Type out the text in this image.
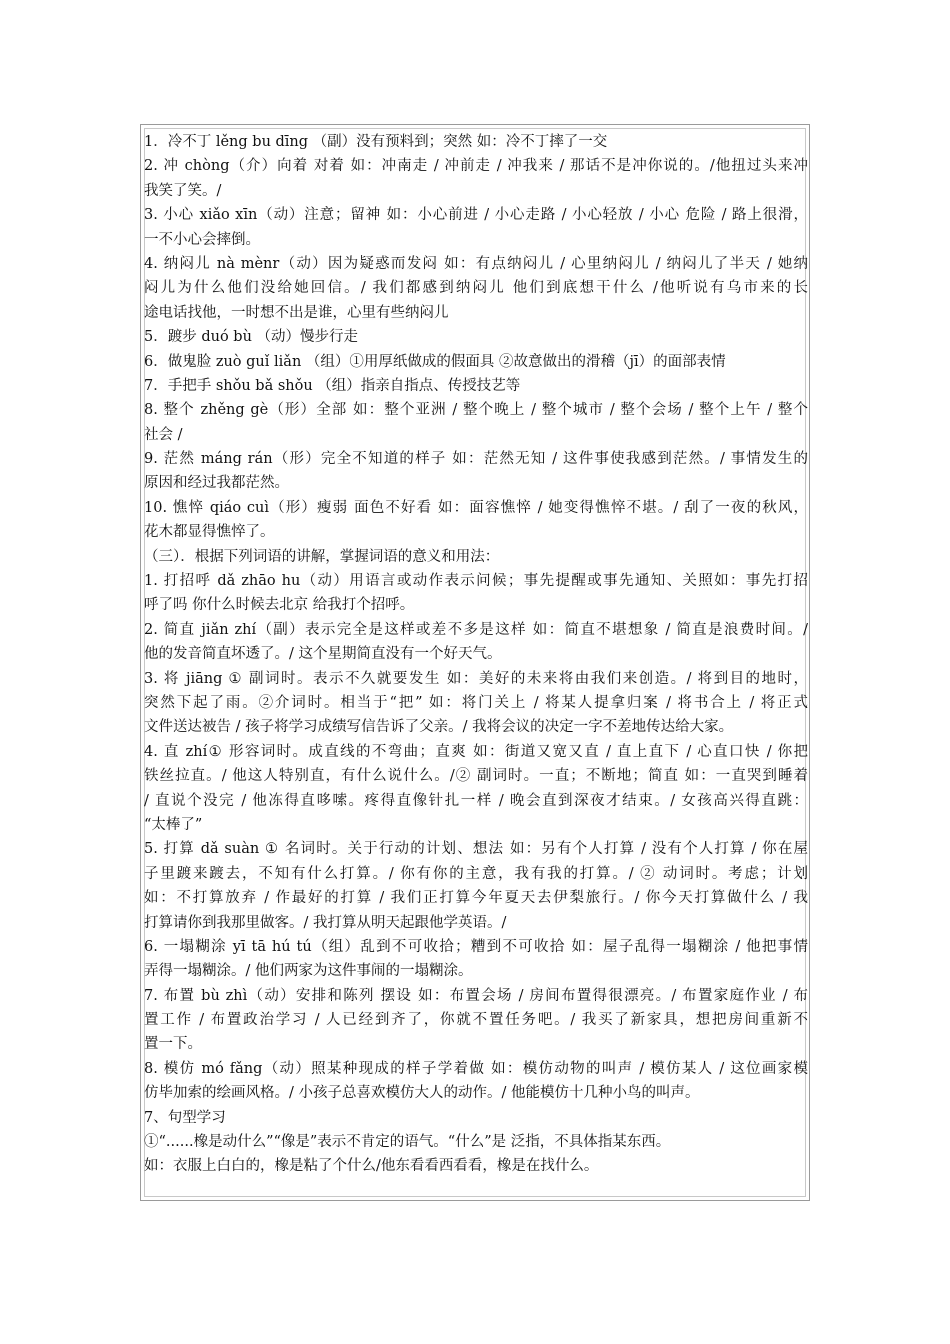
1．冷不丁 lěng bu dīng （副）没有预料到；突然 如：冷不丁摔了一交
2. 冲 chòng（介）向着 对着 如：冲南走 / 冲前走 / 冲我来 / 那话不是冲你说的。/他扭过头来冲
我笑了笑。/
3. 小心 xiǎo xīn（动）注意；留神 如：小心前进 / 小心走路 / 小心轻放 / 小心 危险 / 路上很滑，
一不小心会摔倒。
4. 纳闷儿 nà mènr（动）因为疑惑而发闷 如：有点纳闷儿 / 心里纳闷儿 / 纳闷儿了半天 / 她纳
闷儿为什么他们没给她回信。/ 我们都感到纳闷儿 他们到底想干什么 /他听说有乌市来的长
途电话找他，一时想不出是谁，心里有些纳闷儿
5．踱步 duó bù （动）慢步行走
6．做鬼脸 zuò guǐ liǎn （组）①用厚纸做成的假面具 ②故意做出的滑稽（jī）的面部表情
7．手把手 shǒu bǎ shǒu （组）指亲自指点、传授技艺等
8. 整个 zhěng gè（形）全部 如：整个亚洲 / 整个晚上 / 整个城市 / 整个会场 / 整个上午 / 整个
社会 /
9. 茫然 máng rán（形）完全不知道的样子 如：茫然无知 / 这件事使我感到茫然。/ 事情发生的
原因和经过我都茫然。
10. 憔悴 qiáo cuì（形）瘦弱 面色不好看 如：面容憔悴 / 她变得憔悴不堪。/ 刮了一夜的秋风，
花木都显得憔悴了。
（三）．根据下列词语的讲解，掌握词语的意义和用法：
1. 打招呼 dǎ zhāo hu（动）用语言或动作表示问候；事先提醒或事先通知、关照如：事先打招
呼了吗 你什么时候去北京 给我打个招呼。
2. 简直 jiǎn zhí（副）表示完全是这样或差不多是这样 如：简直不堪想象 / 简直是浪费时间。/
他的发音简直坏透了。/ 这个星期简直没有一个好天气。
3. 将 jiāng ① 副词时。表示不久就要发生 如：美好的未来将由我们来创造。/ 将到目的地时，
突然下起了雨。②介词时。相当于“把” 如：将门关上 / 将某人提拿归案 / 将书合上 / 将正式
文件送达被告 / 孩子将学习成绩写信告诉了父亲。/ 我将会议的决定一字不差地传达给大家。
4. 直 zhí① 形容词时。成直线的不弯曲；直爽 如：街道又宽又直 / 直上直下 / 心直口快 / 你把
铁丝拉直。/ 他这人特别直，有什么说什么。/② 副词时。一直；不断地；简直 如：一直哭到睡着
/ 直说个没完 / 他冻得直哆嗦。疼得直像针扎一样 / 晚会直到深夜才结束。/ 女孩高兴得直跳：
“太棒了”
5. 打算 dǎ suàn ① 名词时。关于行动的计划、想法 如：另有个人打算 / 没有个人打算 / 你在屋
子里踱来踱去，不知有什么打算。/ 你有你的主意，我有我的打算。/ ② 动词时。考虑；计划
如：不打算放弃 / 作最好的打算 / 我们正打算今年夏天去伊梨旅行。/ 你今天打算做什么 / 我
打算请你到我那里做客。/ 我打算从明天起跟他学英语。/
6. 一塌糊涂 yī tā hú tú（组）乱到不可收拾；糟到不可收拾 如：屋子乱得一塌糊涂 / 他把事情
弄得一塌糊涂。/ 他们两家为这件事闹的一塌糊涂。
7. 布置 bù zhì（动）安排和陈列 摆设 如：布置会场 / 房间布置得很漂亮。/ 布置家庭作业 / 布
置工作 / 布置政治学习 / 人已经到齐了，你就不置任务吧。/ 我买了新家具，想把房间重新不
置一下。
8. 模仿 mó fǎng（动）照某种现成的样子学着做 如：模仿动物的叫声 / 模仿某人 / 这位画家模
仿毕加索的绘画风格。/ 小孩子总喜欢模仿大人的动作。/ 他能模仿十几种小鸟的叫声。
7、句型学习
①“......橡是动什么”“像是”表示不肯定的语气。“什么”是 泛指，不具体指某东西。
如：衣服上白白的，橡是粘了个什么/他东看看西看看，橡是在找什么。
